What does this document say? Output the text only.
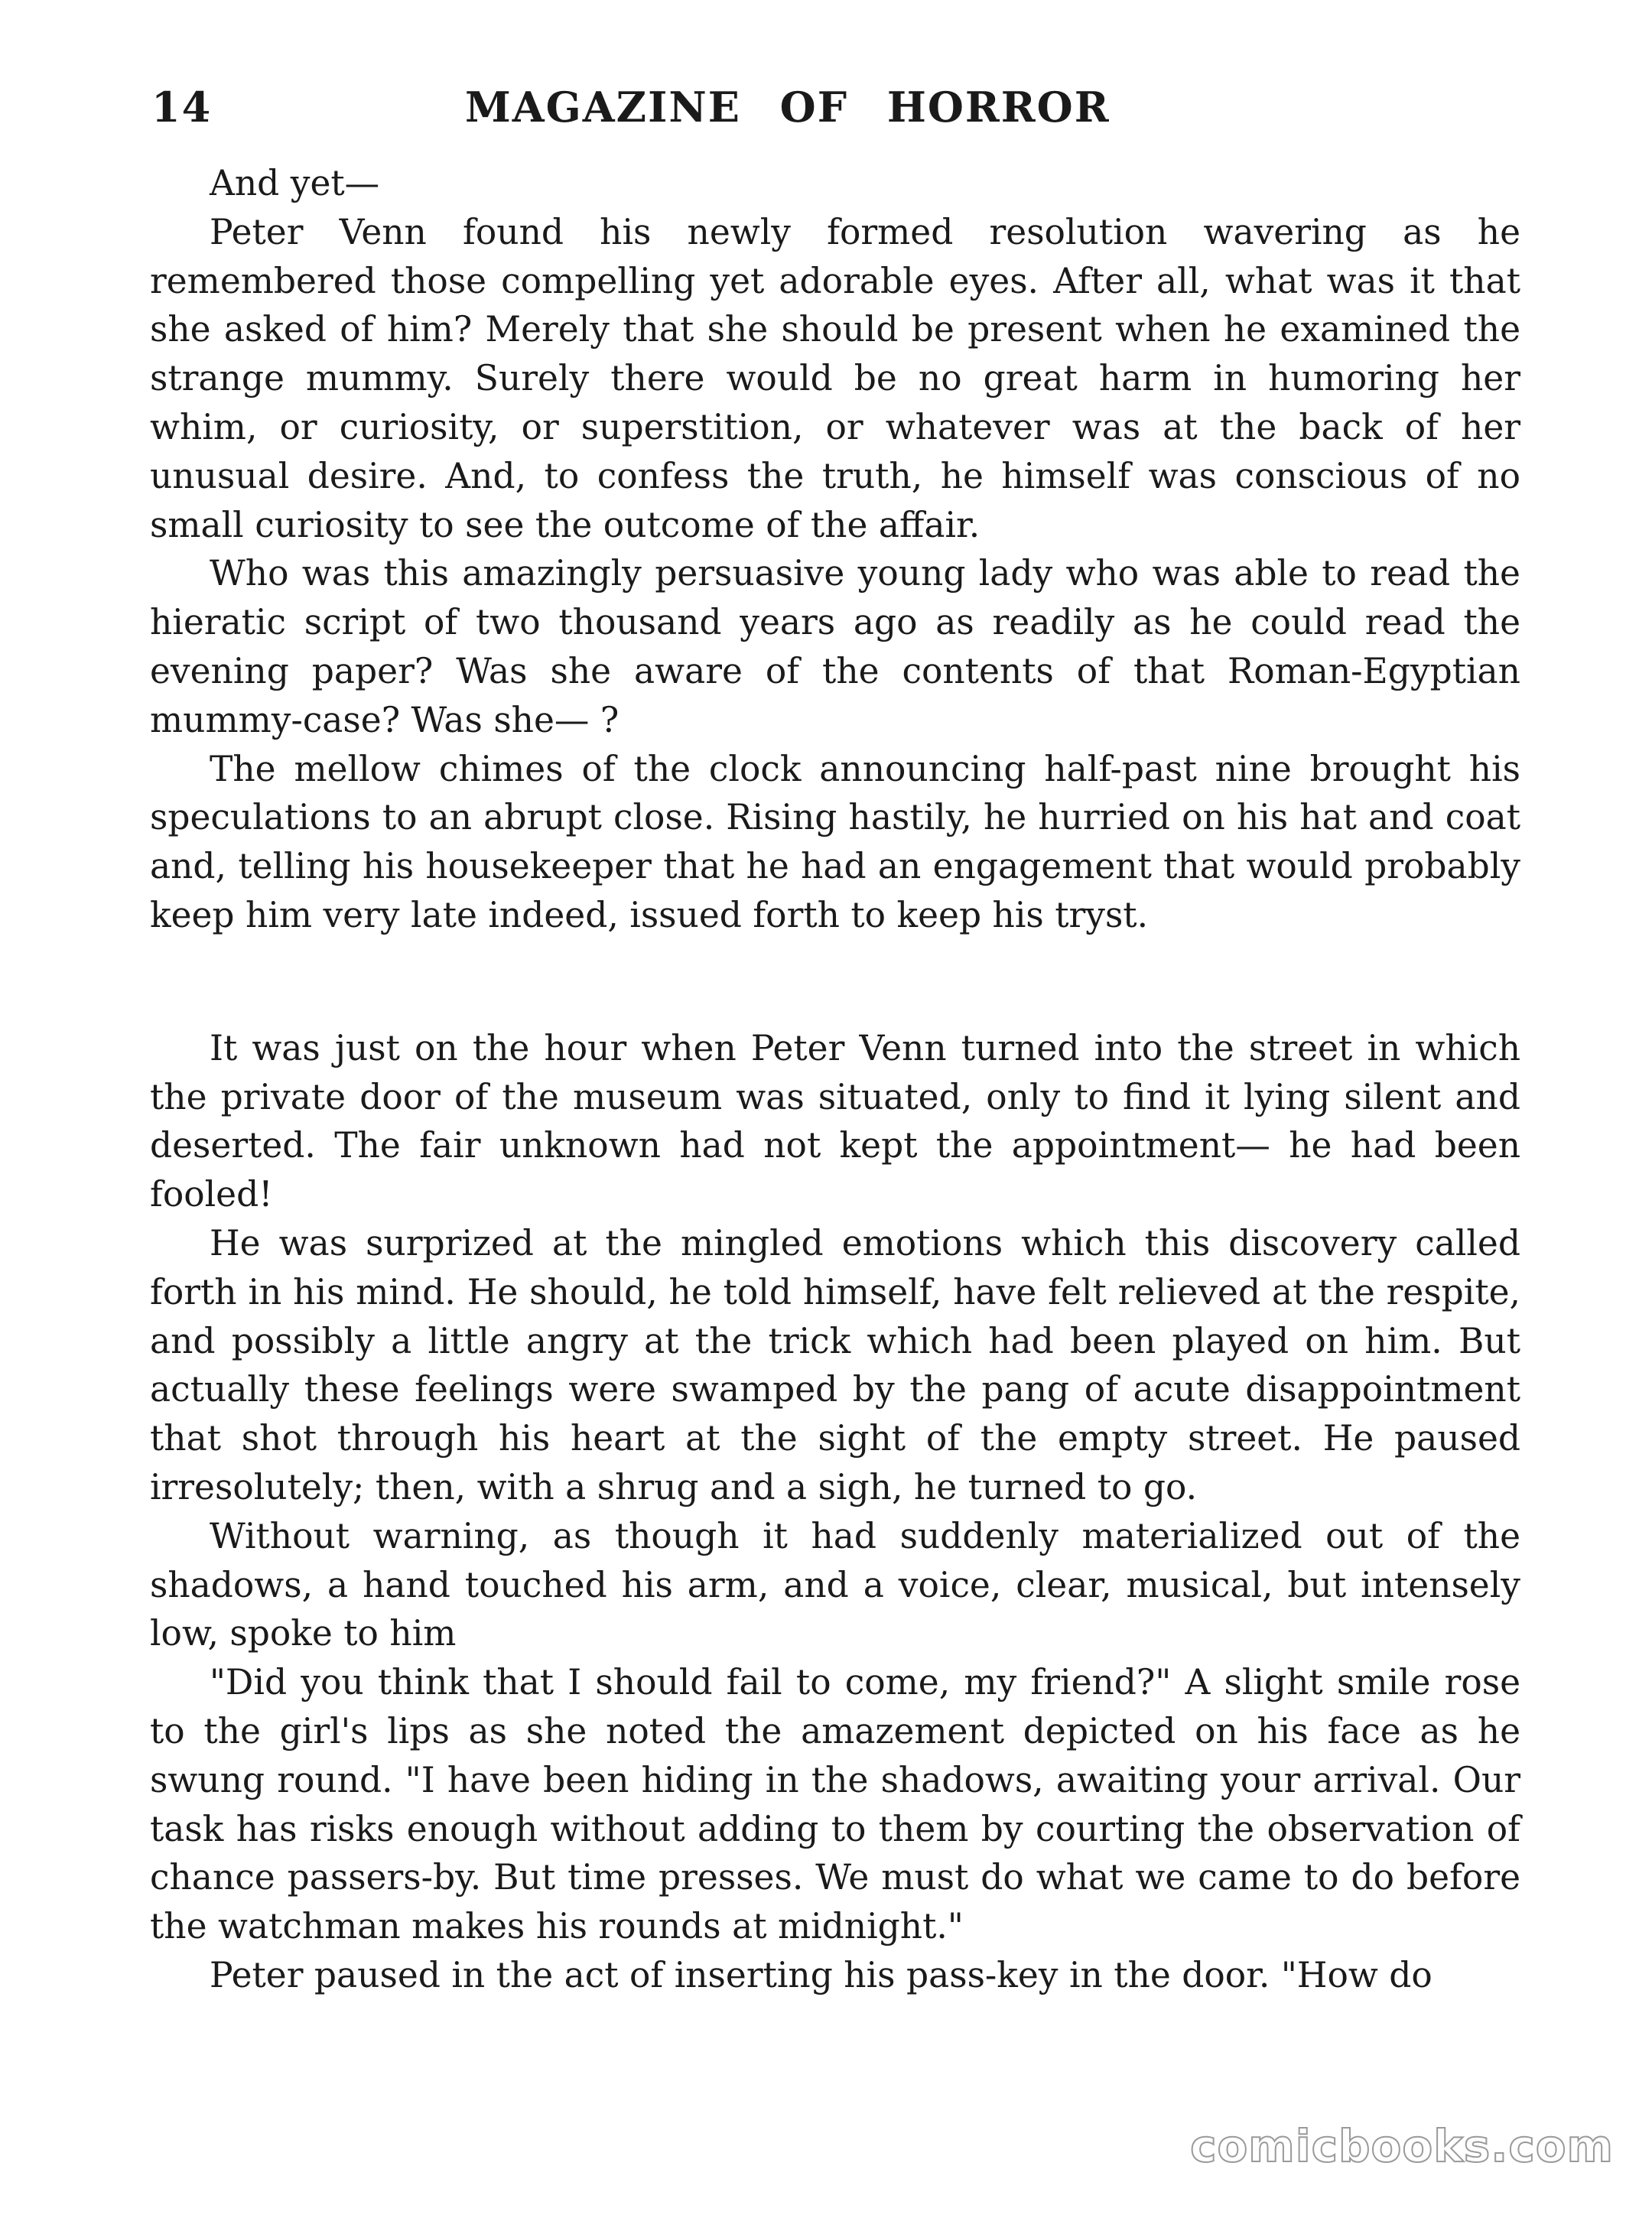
14	MAGAZINE OF HORROR

And yet—

Peter Venn found his newly formed resolution wavering as he remembered those compelling yet adorable eyes. After all, what was it that she asked of him? Merely that she should be present when he examined the strange mummy. Surely there would be no great harm in humoring her whim, or curiosity, or superstition, or whatever was at the back of her unusual desire. And, to confess the truth, he himself was conscious of no small curiosity to see the outcome of the affair.

Who was this amazingly persuasive young lady who was able to read the hieratic script of two thousand years ago as readily as he could read the evening paper? Was she aware of the contents of that Roman-Egyptian mummy-case? Was she— ?

The mellow chimes of the clock announcing half-past nine brought his speculations to an abrupt close. Rising hastily, he hurried on his hat and coat and, telling his housekeeper that he had an engagement that would probably keep him very late indeed, issued forth to keep his tryst.

It was just on the hour when Peter Venn turned into the street in which the private door of the museum was situated, only to find it lying silent and deserted. The fair unknown had not kept the appointment— he had been fooled!

He was surprized at the mingled emotions which this discovery called forth in his mind. He should, he told himself, have felt relieved at the respite, and possibly a little angry at the trick which had been played on him. But actually these feelings were swamped by the pang of acute disappointment that shot through his heart at the sight of the empty street. He paused irresolutely; then, with a shrug and a sigh, he turned to go.

Without warning, as though it had suddenly materialized out of the shadows, a hand touched his arm, and a voice, clear, musical, but intensely low, spoke to him

"Did you think that I should fail to come, my friend?" A slight smile rose to the girl's lips as she noted the amazement depicted on his face as he swung round. "I have been hiding in the shadows, awaiting your arrival. Our task has risks enough without adding to them by courting the observation of chance passers-by. But time presses. We must do what we came to do before the watchman makes his rounds at midnight."

Peter paused in the act of inserting his pass-key in the door. "How do

comicbooks.com
